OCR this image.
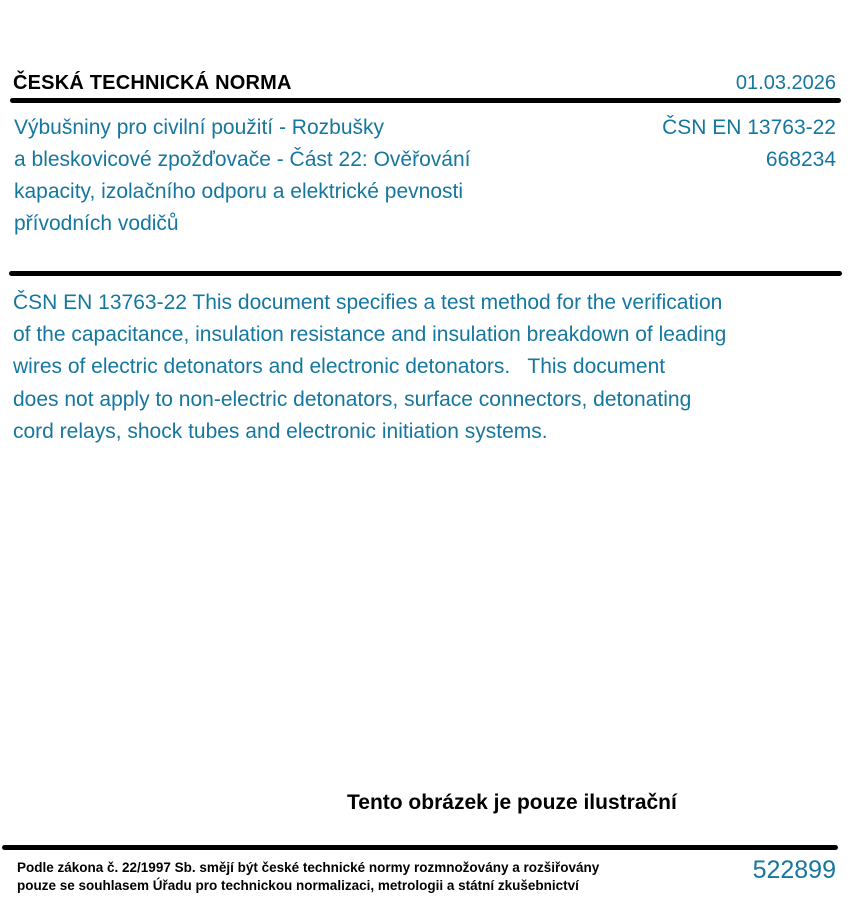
ČESKÁ TECHNICKÁ NORMA	01.03.2026
Výbušniny pro civilní použití - Rozbušky
a bleskovicové zpožďovače - Část 22: Ověřování
kapacity, izolačního odporu a elektrické pevnosti
přívodních vodičů
ČSN EN 13763-22
668234
ČSN EN 13763-22 This document specifies a test method for the verification
of the capacitance, insulation resistance and insulation breakdown of leading
wires of electric detonators and electronic detonators.   This document
does not apply to non-electric detonators, surface connectors, detonating
cord relays, shock tubes and electronic initiation systems.
Tento obrázek je pouze ilustrační
Podle zákona č. 22/1997 Sb. smějí být české technické normy rozmnožovány a rozšiřovány
pouze se souhlasem Úřadu pro technickou normalizaci, metrologii a státní zkušebnictví
522899
